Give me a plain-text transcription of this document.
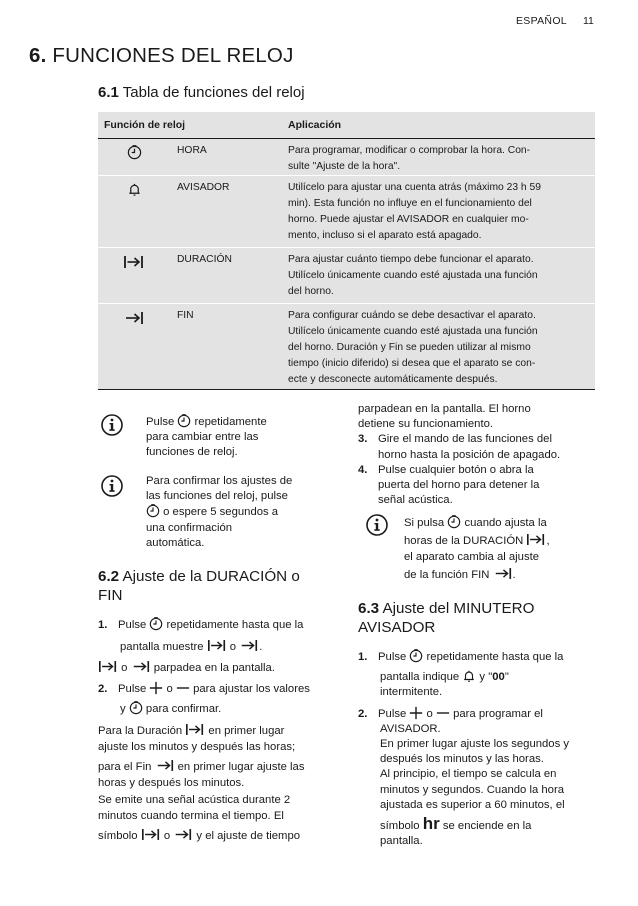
ESPAÑOL 11
6. FUNCIONES DEL RELOJ
6.1 Tabla de funciones del reloj
Función de reloj	Aplicación
HORA	Para programar, modificar o comprobar la hora. Con-
sulte "Ajuste de la hora".
AVISADOR	Utilícelo para ajustar una cuenta atrás (máximo 23 h 59
min). Esta función no influye en el funcionamiento del
horno. Puede ajustar el AVISADOR en cualquier mo-
mento, incluso si el aparato está apagado.
DURACIÓN	Para ajustar cuánto tiempo debe funcionar el aparato.
Utilícelo únicamente cuando esté ajustada una función
del horno.
FIN	Para configurar cuándo se debe desactivar el aparato.
Utilícelo únicamente cuando esté ajustada una función
del horno. Duración y Fin se pueden utilizar al mismo
tiempo (inicio diferido) si desea que el aparato se con-
ecte y desconecte automáticamente después.
Pulse  repetidamente
para cambiar entre las
funciones de reloj.
Para confirmar los ajustes de
las funciones del reloj, pulse
o espere 5 segundos a
una confirmación
automática.
6.2 Ajuste de la DURACIÓN o
FIN
1. Pulse  repetidamente hasta que la
pantalla muestre  o .
o  parpadea en la pantalla.
2. Pulse  o  para ajustar los valores
y  para confirmar.
Para la Duración  en primer lugar
ajuste los minutos y después las horas;
para el Fin  en primer lugar ajuste las
horas y después los minutos.
Se emite una señal acústica durante 2
minutos cuando termina el tiempo. El
símbolo  o  y el ajuste de tiempo
parpadean en la pantalla. El horno
detiene su funcionamiento.
3. Gire el mando de las funciones del
horno hasta la posición de apagado.
4. Pulse cualquier botón o abra la
puerta del horno para detener la
señal acústica.
Si pulsa  cuando ajusta la
horas de la DURACIÓN ,
el aparato cambia al ajuste
de la función FIN .
6.3 Ajuste del MINUTERO
AVISADOR
1. Pulse  repetidamente hasta que la
pantalla indique  y "00"
intermitente.
2. Pulse  o  para programar el
AVISADOR.
En primer lugar ajuste los segundos y
después los minutos y las horas.
Al principio, el tiempo se calcula en
minutos y segundos. Cuando la hora
ajustada es superior a 60 minutos, el
símbolo hr se enciende en la
pantalla.
